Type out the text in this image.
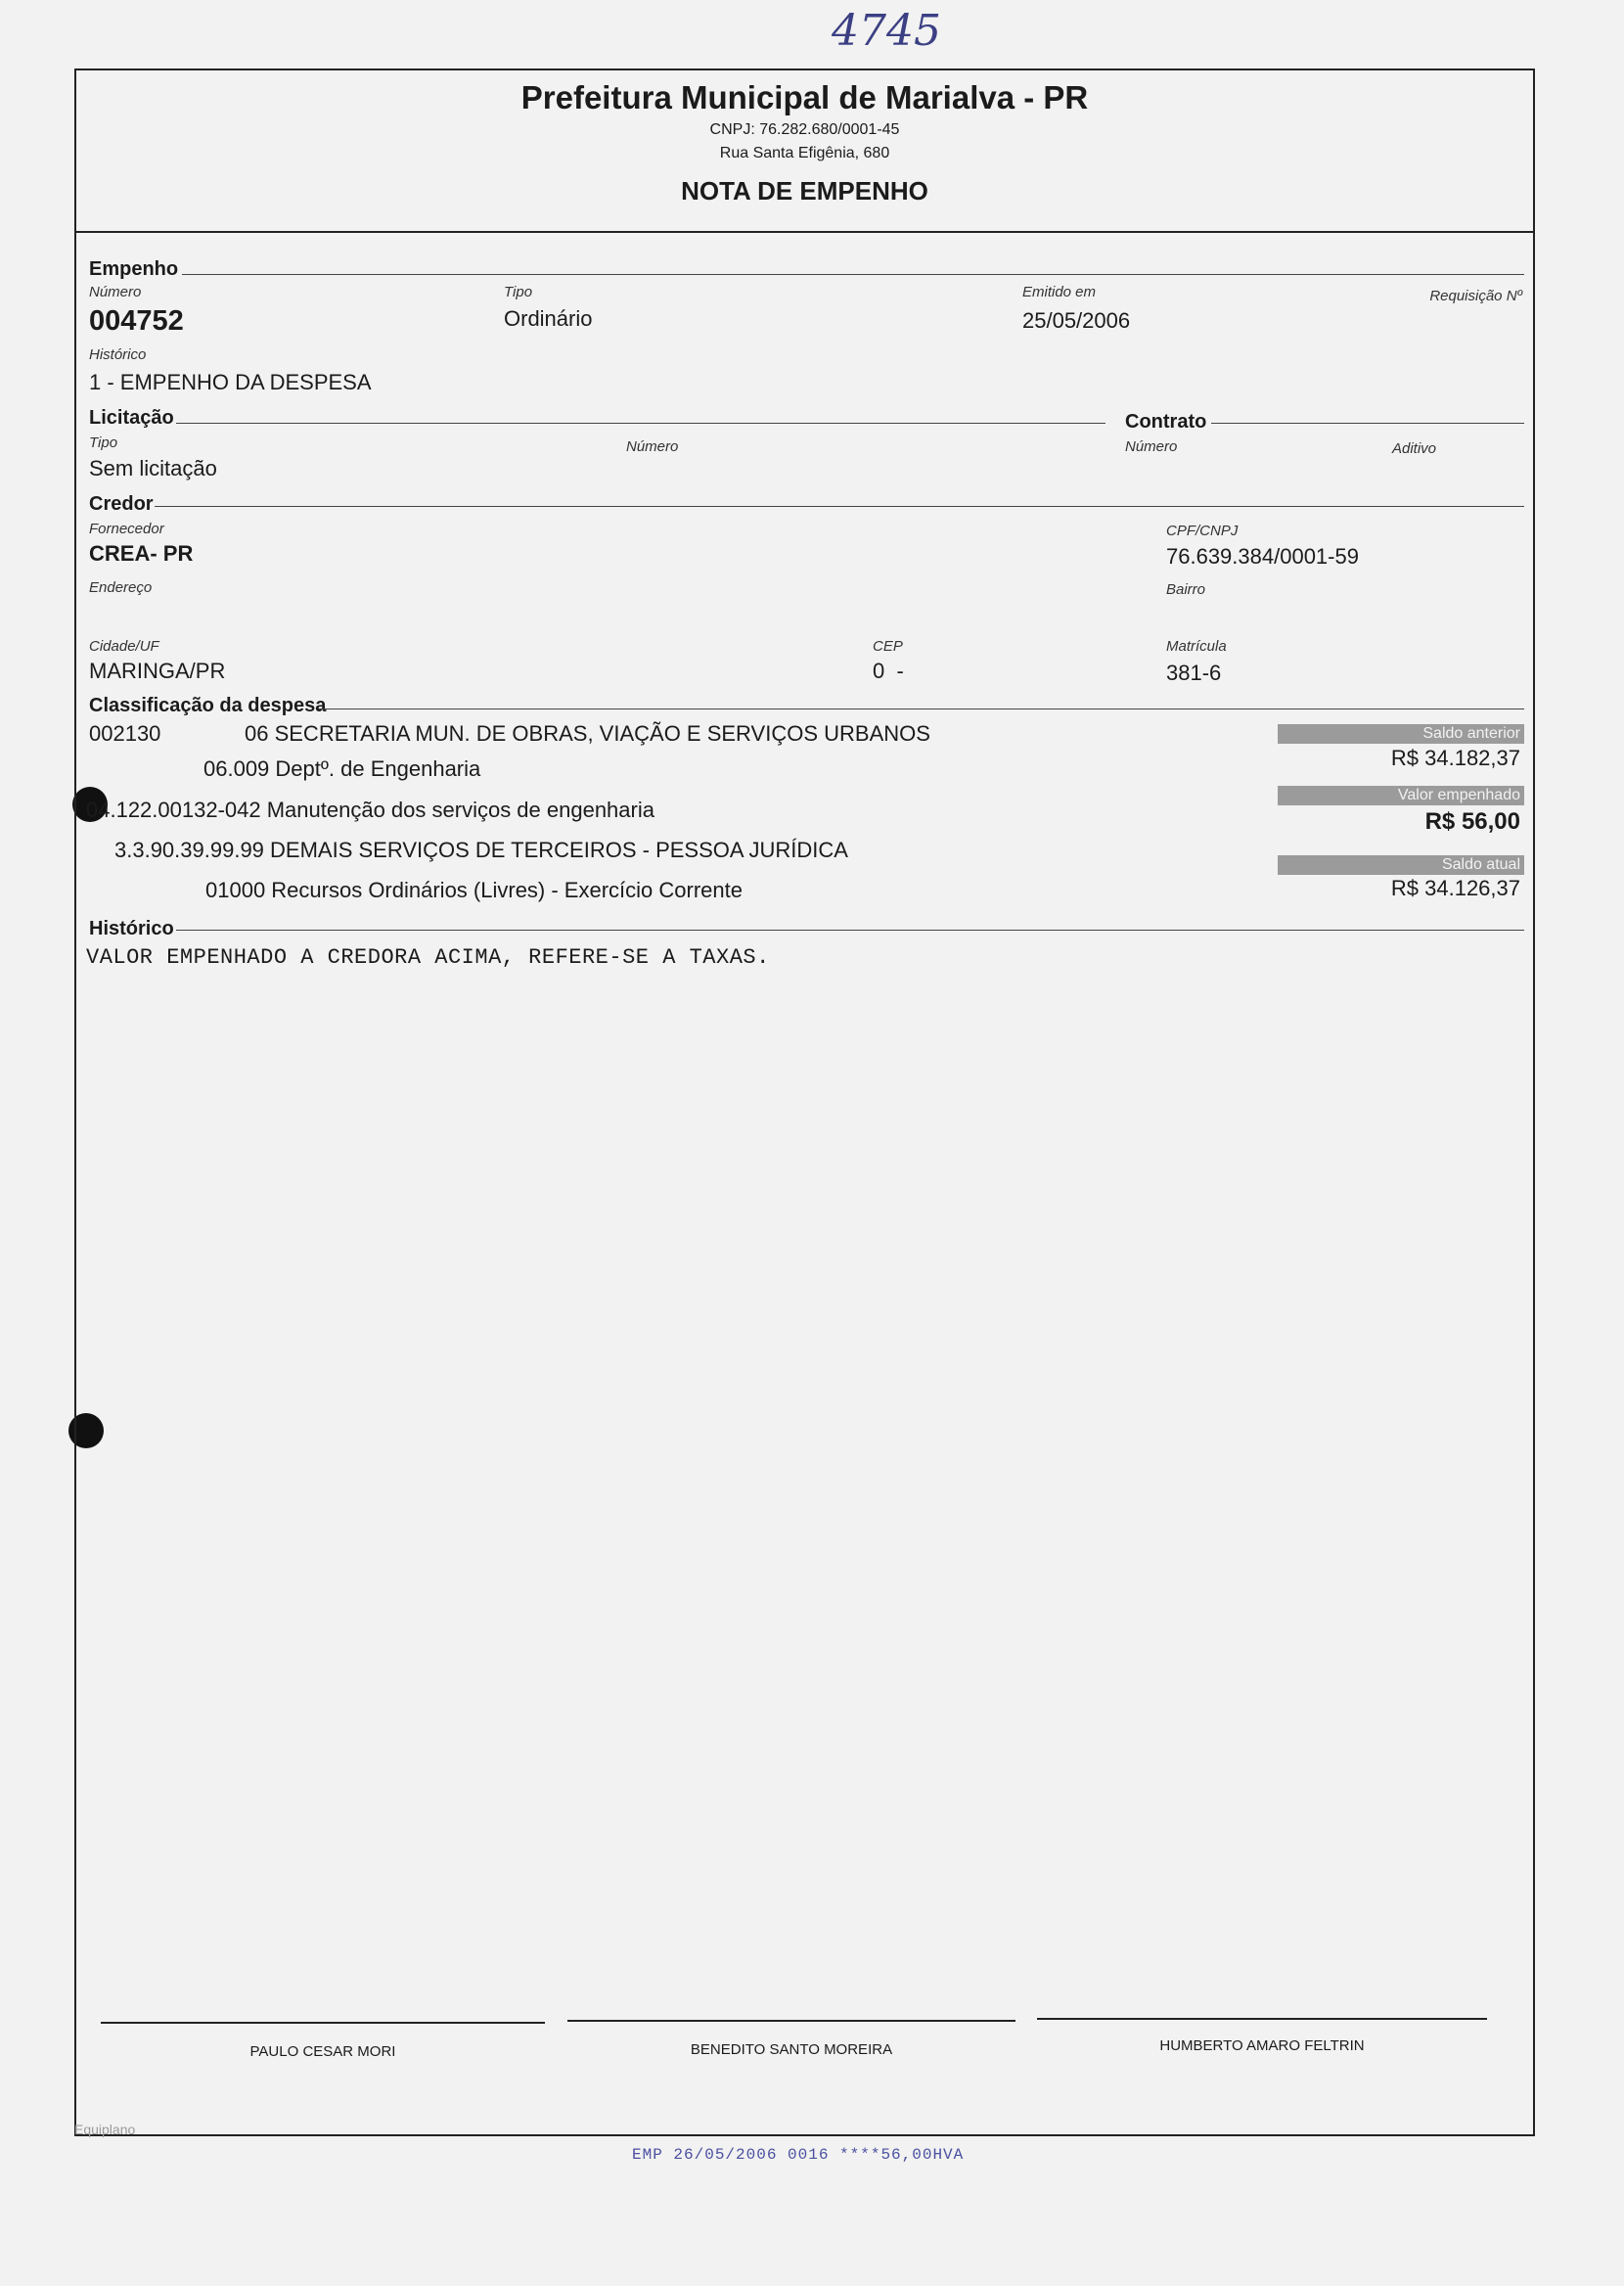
4745
Prefeitura Municipal de Marialva - PR
CNPJ: 76.282.680/0001-45
Rua Santa Efigênia, 680
NOTA DE EMPENHO
Empenho
Número
004752
Tipo
Ordinário
Emitido em
25/05/2006
Requisição Nº
Histórico
1 - EMPENHO DA DESPESA
Licitação	Contrato
Tipo
Sem licitação
Número	Número	Aditivo
Credor
Fornecedor
CREA- PR
CPF/CNPJ
76.639.384/0001-59
Endereço	Bairro
Cidade/UF
MARINGA/PR
CEP
0  -
Matrícula
381-6
Classificação da despesa
002130	06 SECRETARIA MUN. DE OBRAS, VIAÇÃO E SERVIÇOS URBANOS
06.009 Deptº. de Engenharia
04.122.00132-042 Manutenção dos serviços de engenharia
3.3.90.39.99.99 DEMAIS SERVIÇOS DE TERCEIROS - PESSOA JURÍDICA
01000 Recursos Ordinários (Livres) - Exercício Corrente
Saldo anterior
R$ 34.182,37
Valor empenhado
R$ 56,00
Saldo atual
R$ 34.126,37
Histórico
VALOR EMPENHADO A CREDORA ACIMA, REFERE-SE A TAXAS.
PAULO CESAR MORI	BENEDITO SANTO MOREIRA	HUMBERTO AMARO FELTRIN
Equiplano
EMP 26/05/2006 0016 ****56,00HVA
